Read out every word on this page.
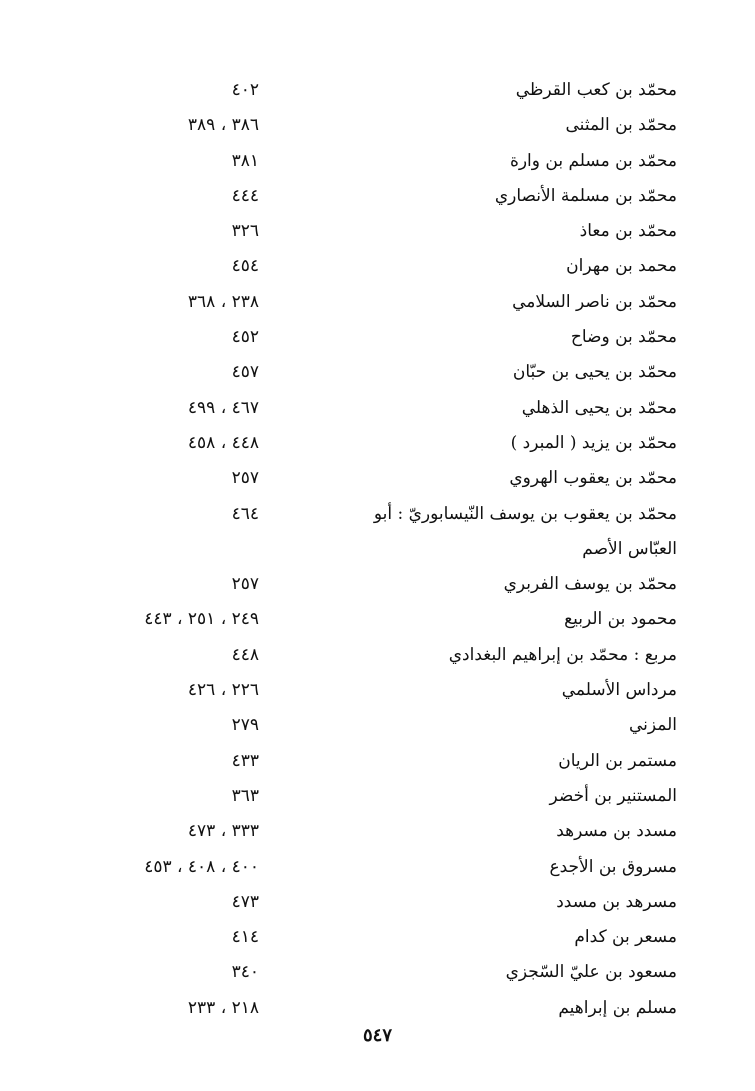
محمّد بن كعب القرظي
٤٠٢
محمّد بن المثنى
٣٨٦ ، ٣٨٩
محمّد بن مسلم بن وارة
٣٨١
محمّد بن مسلمة الأنصاري
٤٤٤
محمّد بن معاذ
٣٢٦
محمد بن مهران
٤٥٤
محمّد بن ناصر السلامي
٢٣٨ ، ٣٦٨
محمّد بن وضاح
٤٥٢
محمّد بن يحيى بن حبّان
٤٥٧
محمّد بن يحيى الذهلي
٤٦٧ ، ٤٩٩
محمّد بن يزيد ( المبرد )
٤٤٨ ، ٤٥٨
محمّد بن يعقوب الهروي
٢٥٧
محمّد بن يعقوب بن يوسف النّيسابوريّ : أبو
٤٦٤
العبّاس الأصم
محمّد بن يوسف الفربري
٢٥٧
محمود بن الربيع
٢٤٩ ، ٢٥١ ، ٤٤٣
مربع : محمّد بن إبراهيم البغدادي
٤٤٨
مرداس الأسلمي
٢٢٦ ، ٤٢٦
المزني
٢٧٩
مستمر بن الريان
٤٣٣
المستنير بن أخضر
٣٦٣
مسدد بن مسرهد
٣٣٣ ، ٤٧٣
مسروق بن الأجدع
٤٠٠ ، ٤٠٨ ، ٤٥٣
مسرهد بن مسدد
٤٧٣
مسعر بن كدام
٤١٤
مسعود بن عليّ السّجزي
٣٤٠
مسلم بن إبراهيم
٢١٨ ، ٢٣٣
٥٤٧
